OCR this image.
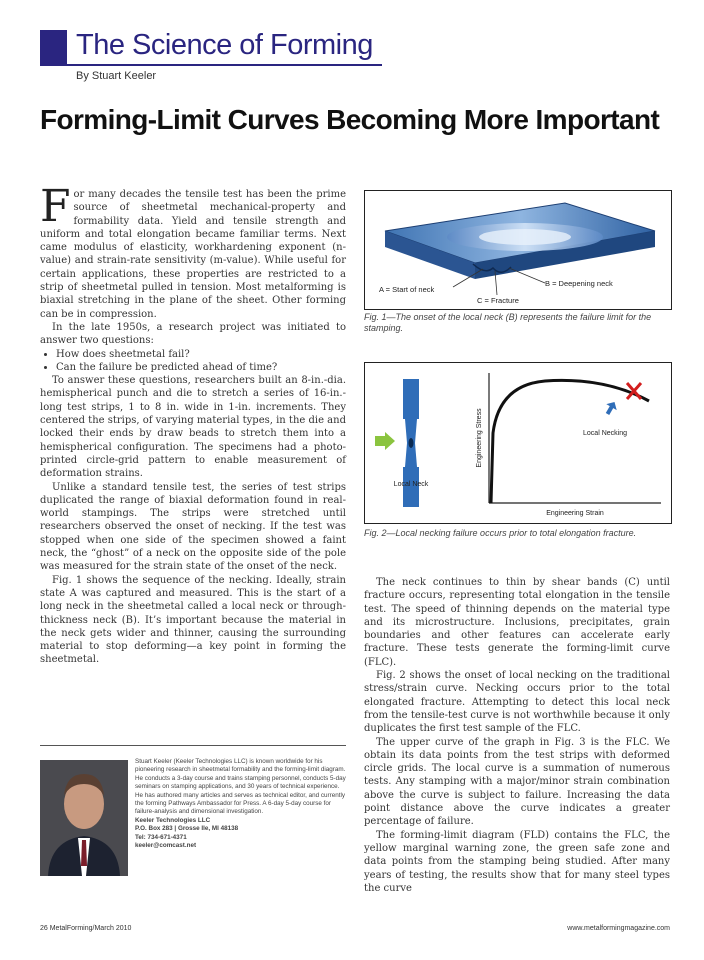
The Science of Forming
By Stuart Keeler
Forming-Limit Curves Becoming More Important

For many decades the tensile test has been the prime source of sheetmetal mechanical-property and formability data. Yield and tensile strength and uniform and total elongation became familiar terms. Next came modulus of elasticity, workhardening exponent (n-value) and strain-rate sensitivity (m-value). While useful for certain applications, these properties are restricted to a strip of sheetmetal pulled in tension. Most metalforming is biaxial stretching in the plane of the sheet. Other forming can be in compression.

In the late 1950s, a research project was initiated to answer two questions:

• How does sheetmetal fail?
• Can the failure be predicted ahead of time?

To answer these questions, researchers built an 8-in.-dia. hemispherical punch and die to stretch a series of 16-in.-long test strips, 1 to 8 in. wide in 1-in. increments. They centered the strips, of varying material types, in the die and locked their ends by draw beads to stretch them into a hemispherical configuration. The specimens had a photo-printed circle-grid pattern to enable measurement of deformation strains.

Unlike a standard tensile test, the series of test strips duplicated the range of biaxial deformation found in real-world stampings. The strips were stretched until researchers observed the onset of necking. If the test was stopped when one side of the specimen showed a faint neck, the “ghost” of a neck on the opposite side of the pole was measured for the strain state of the onset of the neck.

Fig. 1 shows the sequence of the necking. Ideally, strain state A was captured and measured. This is the start of a long neck in the sheetmetal called a local neck or through-thickness neck (B). It’s important because the material in the neck gets wider and thinner, causing the surrounding material to stop deforming—a key point in forming the sheetmetal.

A = Start of neck
B = Deepening neck
C = Fracture
Fig. 1—The onset of the local neck (B) represents the failure limit for the stamping.
Local Neck
Engineering Stress
Engineering Strain
Local Necking
Fig. 2—Local necking failure occurs prior to total elongation fracture.

The neck continues to thin by shear bands (C) until fracture occurs, representing total elongation in the tensile test. The speed of thinning depends on the material type and its microstructure. Inclusions, precipitates, grain boundaries and other features can accelerate early fracture. These tests generate the forming-limit curve (FLC).

Fig. 2 shows the onset of local necking on the traditional stress/strain curve. Necking occurs prior to the total elongated fracture. Attempting to detect this local neck from the tensile-test curve is not worthwhile because it only duplicates the first test sample of the FLC.

The upper curve of the graph in Fig. 3 is the FLC. We obtain its data points from the test strips with deformed circle grids. The local curve is a summation of numerous tests. Any stamping with a major/minor strain combination above the curve is subject to failure. Increasing the data point distance above the curve indicates a greater percentage of failure.

The forming-limit diagram (FLD) contains the FLC, the yellow marginal warning zone, the green safe zone and data points from the stamping being studied. After many years of testing, the results show that for many steel types the curve

Stuart Keeler (Keeler Technologies LLC) is known worldwide for his pioneering research in sheetmetal formability and the forming-limit diagram. He conducts a 3-day course and trains stamping personnel, conducts 5-day seminars on stamping applications, and 30 years of technical experience. He has authored many articles and serves as technical editor, and currently the forming Pathways Ambassador for Press. A 6-day 5-day course for failure-analysis and dimensional investigation.
Keeler Technologies LLC
P.O. Box 283 | Grosse Ile, MI 48138
Tel: 734-671-4371
keeler@comcast.net
26 MetalForming/March 2010	www.metalformingmagazine.com
